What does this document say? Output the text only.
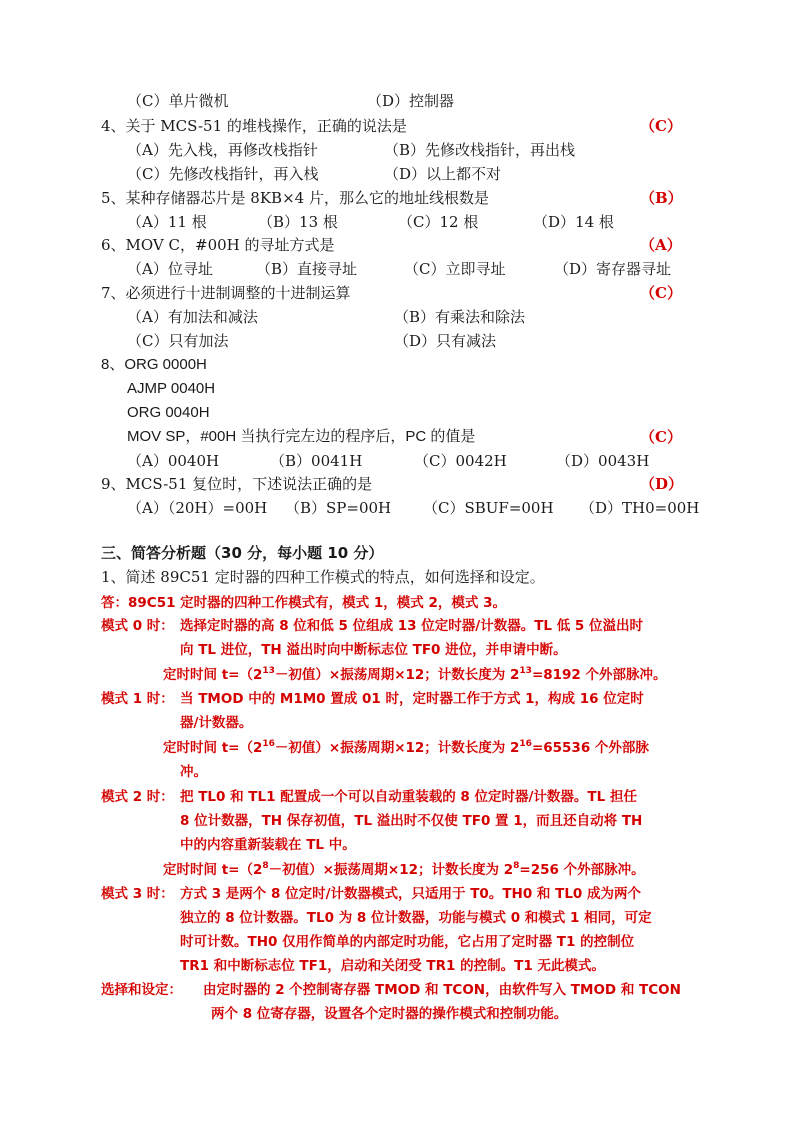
（C）单片微机	（D）控制器
4、关于 MCS-51 的堆栈操作，正确的说法是	（C）
（A）先入栈，再修改栈指针	（B）先修改栈指针，再出栈
（C）先修改栈指针，再入栈	（D）以上都不对
5、某种存储器芯片是 8KB×4 片，那么它的地址线根数是	（B）
（A）11 根	（B）13 根	（C）12 根	（D）14 根
6、MOV C，#00H 的寻址方式是	（A）
（A）位寻址	（B）直接寻址	（C）立即寻址	（D）寄存器寻址
7、必须进行十进制调整的十进制运算	（C）
（A）有加法和减法	（B）有乘法和除法
（C）只有加法	（D）只有减法
8、ORG 0000H
AJMP 0040H
ORG 0040H
MOV SP，#00H 当执行完左边的程序后，PC 的值是	（C）
（A）0040H	（B）0041H	（C）0042H	（D）0043H
9、MCS-51 复位时，下述说法正确的是	（D）
（A）（20H）=00H （B）SP=00H （C）SBUF=00H （D）TH0=00H
三、简答分析题（30 分，每小题 10 分）
1、简述 89C51 定时器的四种工作模式的特点，如何选择和设定。
答：89C51 定时器的四种工作模式有，模式 1，模式 2，模式 3。
模式 0 时： 选择定时器的高 8 位和低 5 位组成 13 位定时器/计数器。TL 低 5 位溢出时
向 TL 进位，TH 溢出时向中断标志位 TF0 进位，并申请中断。
定时时间 $t=(2^{13}-$初值）×振荡周期×12；计数长度为 $2^{13}=8192$ 个外部脉冲。
模式 1 时： 当 TMOD 中的 M1M0 置成 01 时，定时器工作于方式 1，构成 16 位定时
器/计数器。
定时时间 $t=(2^{16}-$初值）×振荡周期×12；计数长度为 $2^{16}=65536$ 个外部脉
冲。
模式 2 时： 把 TL0 和 TL1 配置成一个可以自动重装载的 8 位定时器/计数器。TL 担任
8 位计数器，TH 保存初值，TL 溢出时不仅使 TF0 置 1，而且还自动将 TH
中的内容重新装载在 TL 中。
定时时间 $t=(2^8-$初值）×振荡周期×12；计数长度为 $2^8=256$ 个外部脉冲。
模式 3 时： 方式 3 是两个 8 位定时/计数器模式，只适用于 T0。TH0 和 TL0 成为两个
独立的 8 位计数器。TL0 为 8 位计数器，功能与模式 0 和模式 1 相同，可定
时可计数。TH0 仅用作简单的内部定时功能，它占用了定时器 T1 的控制位
TR1 和中断标志位 TF1，启动和关闭受 TR1 的控制。T1 无此模式。
选择和设定： 由定时器的 2 个控制寄存器 TMOD 和 TCON，由软件写入 TMOD 和 TCON
两个 8 位寄存器，设置各个定时器的操作模式和控制功能。
